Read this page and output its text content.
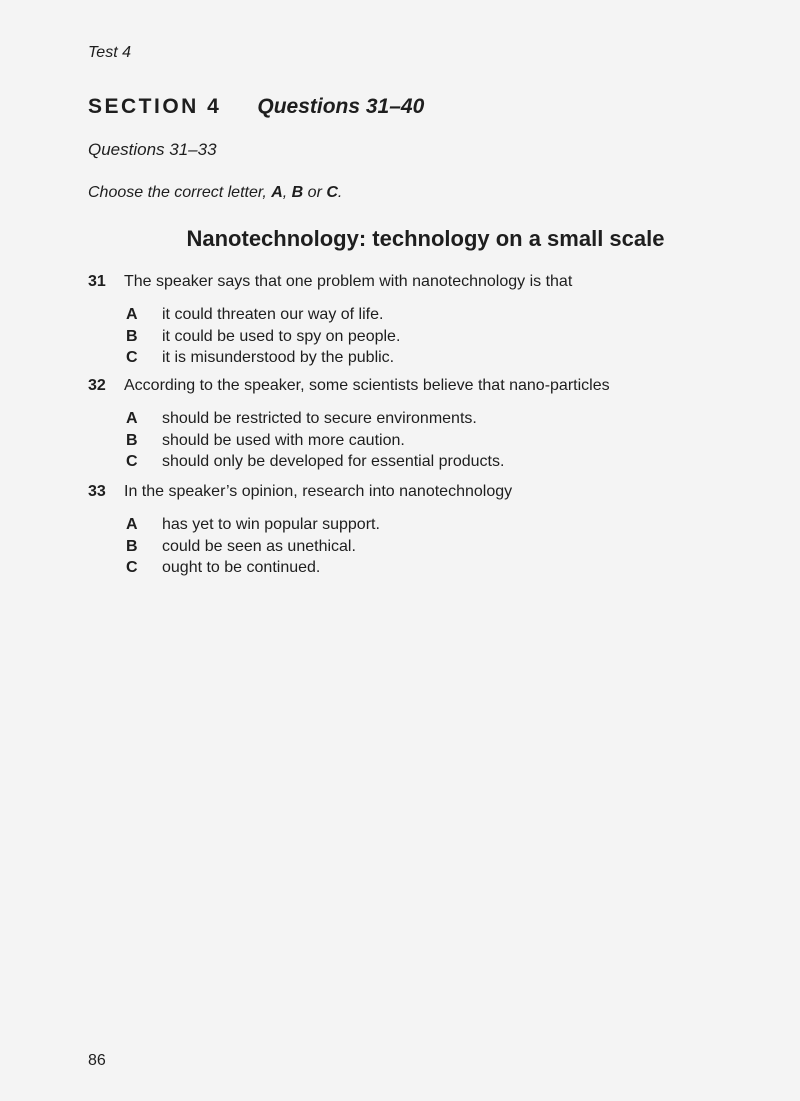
Test 4
SECTION 4 Questions 31–40
Questions 31–33
Choose the correct letter, A, B or C.
Nanotechnology: technology on a small scale
31 The speaker says that one problem with nanotechnology is that
A it could threaten our way of life.
B it could be used to spy on people.
C it is misunderstood by the public.
32 According to the speaker, some scientists believe that nano-particles
A should be restricted to secure environments.
B should be used with more caution.
C should only be developed for essential products.
33 In the speaker’s opinion, research into nanotechnology
A has yet to win popular support.
B could be seen as unethical.
C ought to be continued.
86
